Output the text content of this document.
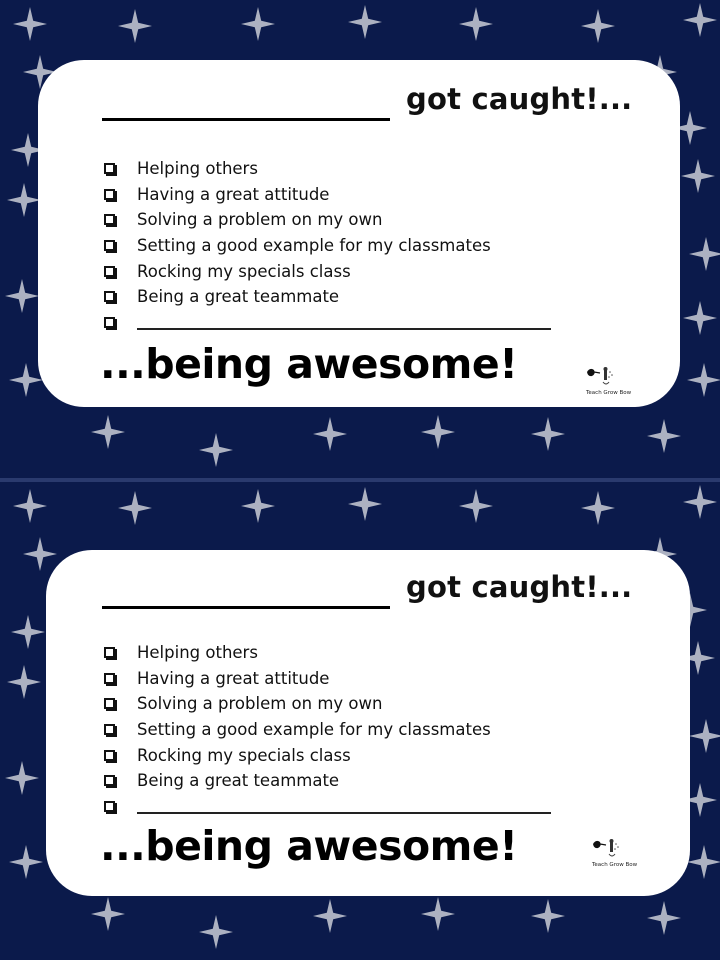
got caught!...
Helping others
Having a great attitude
Solving a problem on my own
Setting a good example for my classmates
Rocking my specials class
Being a great teammate
...being awesome!
Teach Grow Bow
got caught!...
Helping others
Having a great attitude
Solving a problem on my own
Setting a good example for my classmates
Rocking my specials class
Being a great teammate
...being awesome!	Teach Grow Bow
